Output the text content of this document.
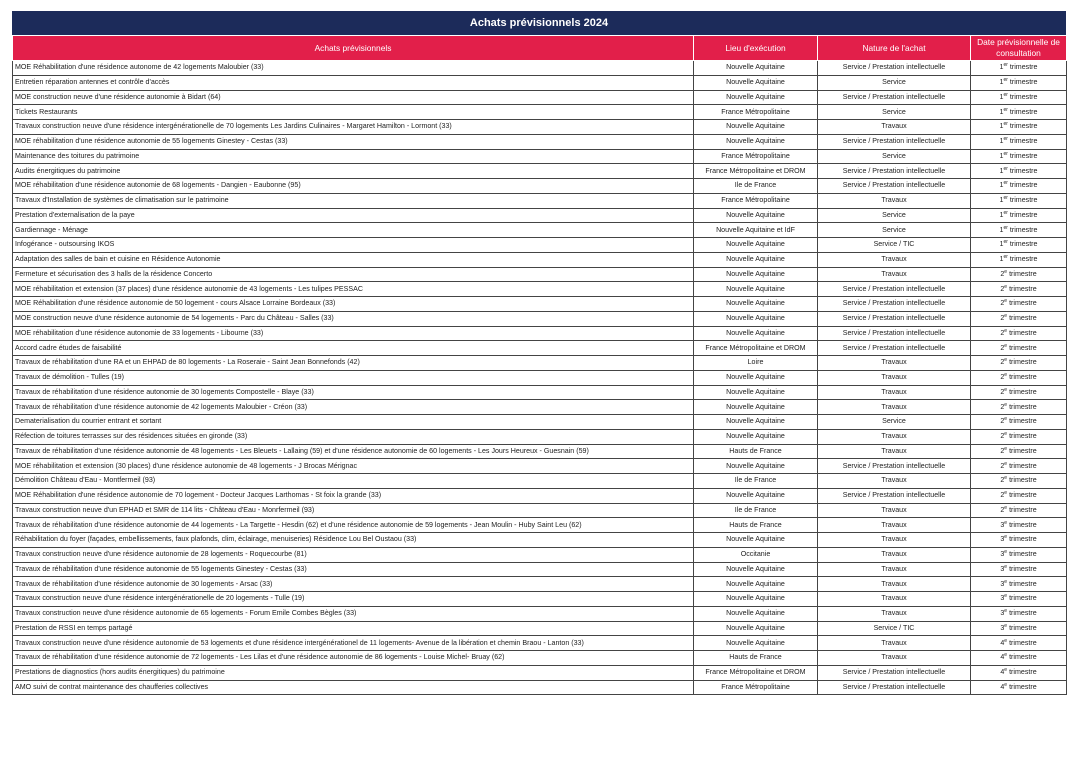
Achats prévisionnels 2024
Achats prévisionnels	Lieu d'exécution	Nature de l'achat	Date prévisionnelle de consultation
MOE Réhabilitation d'une résidence autonome de 42 logements Maloubier (33)	Nouvelle Aquitaine	Service / Prestation intellectuelle	1er trimestre
Entretien réparation antennes et contrôle d'accès	Nouvelle Aquitaine	Service	1er trimestre
MOE construction neuve d'une résidence autonomie à Bidart (64)	Nouvelle Aquitaine	Service / Prestation intellectuelle	1er trimestre
Tickets Restaurants	France Métropolitaine	Service	1er trimestre
Travaux construction neuve d'une résidence intergénérationelle de 70 logements Les Jardins Culinaires - Margaret Hamilton - Lormont (33)	Nouvelle Aquitaine	Travaux	1er trimestre
MOE réhabilitation d'une résidence autonomie de 55 logements Ginestey - Cestas (33)	Nouvelle Aquitaine	Service / Prestation intellectuelle	1er trimestre
Maintenance des toitures du patrimoine	France Métropolitaine	Service	1er trimestre
Audits énergitiques du patrimoine	France Métropolitaine et DROM	Service / Prestation intellectuelle	1er trimestre
MOE réhabilitation d'une résidence autonomie de 68 logements - Dangien - Eaubonne (95)	Ile de France	Service / Prestation intellectuelle	1er trimestre
Travaux d'Installation de systèmes de climatisation sur le patrimoine	France Métropolitaine	Travaux	1er trimestre
Prestation d'externalisation de la paye	Nouvelle Aquitaine	Service	1er trimestre
Gardiennage - Ménage	Nouvelle Aquitaine et IdF	Service	1er trimestre
Infogérance - outsoursing IKOS	Nouvelle Aquitaine	Service / TIC	1er trimestre
Adaptation des salles de bain et cuisine en Résidence Autonomie	Nouvelle Aquitaine	Travaux	1er trimestre
Fermeture et sécurisation des 3 halls de la résidence Concerto	Nouvelle Aquitaine	Travaux	2e trimestre
MOE réhabilitation et extension (37 places) d'une résidence autonomie de 43 logements - Les tulipes PESSAC	Nouvelle Aquitaine	Service / Prestation intellectuelle	2e trimestre
MOE Réhabilitation d'une résidence autonomie de 50 logement - cours Alsace Lorraine Bordeaux (33)	Nouvelle Aquitaine	Service / Prestation intellectuelle	2e trimestre
MOE construction neuve d'une résidence autonomie de 54 logements - Parc du Château - Salles (33)	Nouvelle Aquitaine	Service / Prestation intellectuelle	2e trimestre
MOE réhabilitation d'une résidence autonomie de 33 logements - Libourne (33)	Nouvelle Aquitaine	Service / Prestation intellectuelle	2e trimestre
Accord cadre études de faisabilité	France Métropolitaine et DROM	Service / Prestation intellectuelle	2e trimestre
Travaux de réhabilitation d'une RA et un EHPAD de 80 logements - La Roseraie - Saint Jean Bonnefonds (42)	Loire	Travaux	2e trimestre
Travaux de démolition - Tulles (19)	Nouvelle Aquitaine	Travaux	2e trimestre
Travaux de réhabilitation d'une résidence autonomie de 30 logements Compostelle - Blaye (33)	Nouvelle Aquitaine	Travaux	2e trimestre
Travaux de réhabilitation d'une résidence autonomie de 42 logements Maloubier - Créon (33)	Nouvelle Aquitaine	Travaux	2e trimestre
Dematerialisation du courrier entrant et sortant	Nouvelle Aquitaine	Service	2e trimestre
Réfection de toitures terrasses sur des résidences situées en gironde (33)	Nouvelle Aquitaine	Travaux	2e trimestre
Travaux de réhabilitation d'une résidence autonomie de 48 logements - Les Bleuets - Lallaing (59) et d'une résidence autonomie de 60 logements - Les Jours Heureux - Guesnain (59)	Hauts de France	Travaux	2e trimestre
MOE réhabilitation et extension (30 places) d'une résidence autonomie de 48 logements - J Brocas Mérignac	Nouvelle Aquitaine	Service / Prestation intellectuelle	2e trimestre
Démolition Château d'Eau - Montfermeil (93)	Ile de France	Travaux	2e trimestre
MOE Réhabilitation d'une résidence autonomie de 70 logement - Docteur Jacques Larthomas - St foix la grande (33)	Nouvelle Aquitaine	Service / Prestation intellectuelle	2e trimestre
Travaux construction neuve d'un EPHAD et SMR de 114 lits - Château d'Eau - Monrfermeil (93)	Ile de France	Travaux	2e trimestre
Travaux de réhabilitation d'une résidence autonomie de 44 logements - La Targette - Hesdin (62) et d'une résidence autonomie de 59 logements - Jean Moulin - Huby Saint Leu (62)	Hauts de France	Travaux	3e trimestre
Réhabilitation du foyer (façades, embellissements, faux plafonds, clim, éclairage, menuiseries) Résidence Lou Bel Oustaou (33)	Nouvelle Aquitaine	Travaux	3e trimestre
Travaux construction neuve d'une résidence autonomie de 28 logements - Roquecourbe (81)	Occitanie	Travaux	3e trimestre
Travaux de réhabilitation d'une résidence autonomie de 55 logements Ginestey - Cestas (33)	Nouvelle Aquitaine	Travaux	3e trimestre
Travaux de réhabilitation d'une résidence autonomie de 30 logements - Arsac (33)	Nouvelle Aquitaine	Travaux	3e trimestre
Travaux construction neuve d'une résidence intergénérationelle de 20 logements - Tulle (19)	Nouvelle Aquitaine	Travaux	3e trimestre
Travaux construction neuve d'une résidence autonomie de 65 logements - Forum Emile Combes Bègles (33)	Nouvelle Aquitaine	Travaux	3e trimestre
Prestation de RSSI en temps partagé	Nouvelle Aquitaine	Service / TIC	3e trimestre
Travaux construction neuve d'une résidence autonomie de 53 logements et d'une résidence intergénérationel de 11 logements- Avenue de la libération et chemin Braou - Lanton (33)	Nouvelle Aquitaine	Travaux	4e trimestre
Travaux de réhabilitation d'une résidence autonomie de 72 logements - Les Lilas et d'une résidence autonomie de 86 logements - Louise Michel- Bruay (62)	Hauts de France	Travaux	4e trimestre
Prestations de diagnostics (hors audits énergitiques) du patrimoine	France Métropolitaine et DROM	Service / Prestation intellectuelle	4e trimestre
AMO suivi de contrat maintenance des chaufferies collectives	France Métropolitaine	Service / Prestation intellectuelle	4e trimestre
